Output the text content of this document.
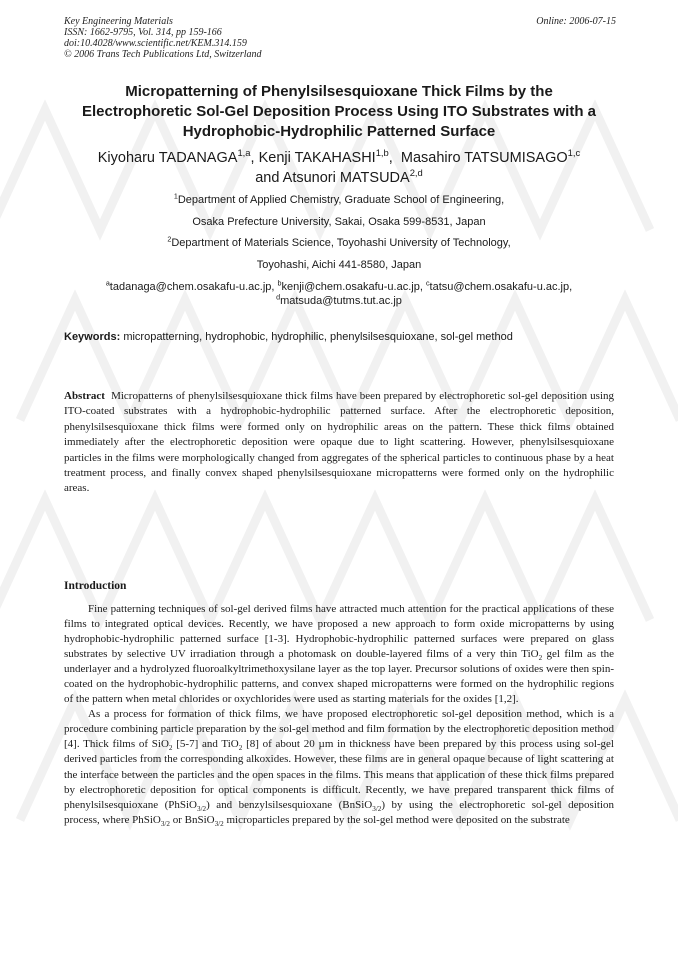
Key Engineering Materials
ISSN: 1662-9795, Vol. 314, pp 159-166
doi:10.4028/www.scientific.net/KEM.314.159
© 2006 Trans Tech Publications Ltd, Switzerland
Online: 2006-07-15
Micropatterning of Phenylsilsesquioxane Thick Films by the
Electrophoretic Sol-Gel Deposition Process Using ITO Substrates with a
Hydrophobic-Hydrophilic Patterned Surface
Kiyoharu TADANAGA$^{1,a}$, Kenji TAKAHASHI$^{1,b}$,  Masahiro TATSUMISAGO$^{1,c}$
and Atsunori MATSUDA$^{2,d}$
$^1$Department of Applied Chemistry, Graduate School of Engineering,
Osaka Prefecture University, Sakai, Osaka 599-8531, Japan
$^2$Department of Materials Science, Toyohashi University of Technology,
Toyohashi, Aichi 441-8580, Japan
$^a$tadanaga@chem.osakafu-u.ac.jp, $^b$kenji@chem.osakafu-u.ac.jp, $^c$tatsu@chem.osakafu-u.ac.jp,
$^d$matsuda@tutms.tut.ac.jp
Keywords: micropatterning, hydrophobic, hydrophilic, phenylsilsesquioxane, sol-gel method
Abstract Micropatterns of phenylsilsesquioxane thick films have been prepared by electrophoretic sol-gel deposition using ITO-coated substrates with a hydrophobic-hydrophilic patterned surface. After the electrophoretic deposition, phenylsilsesquioxane thick films were formed only on hydrophilic areas on the pattern. These thick films obtained immediately after the electrophoretic deposition were opaque due to light scattering. However, phenylsilsesquioxane particles in the films were morphologically changed from aggregates of the spherical particles to continuous phase by a heat treatment process, and finally convex shaped phenylsilsesquioxane micropatterns were formed only on the hydrophilic areas.
Introduction

Fine patterning techniques of sol-gel derived films have attracted much attention for the practical applications of these films to integrated optical devices. Recently, we have proposed a new approach to form oxide micropatterns by using hydrophobic-hydrophilic patterned surface [1-3]. Hydrophobic-hydrophilic patterned surfaces were prepared on glass substrates by selective UV irradiation through a photomask on double-layered films of a very thin TiO$_2$ gel film as the underlayer and a hydrolyzed fluoroalkyltrimethoxysilane layer as the top layer. Precursor solutions of oxides were then spin-coated on the hydrophobic-hydrophilic patterns, and convex shaped micropatterns were formed on the hydrophilic regions of the pattern when metal chlorides or oxychlorides were used as starting materials for the oxides [1,2].

As a process for formation of thick films, we have proposed electrophoretic sol-gel deposition method, which is a procedure combining particle preparation by the sol-gel method and film formation by the electrophoretic deposition method [4]. Thick films of SiO$_2$ [5-7] and TiO$_2$ [8] of about 20 µm in thickness have been prepared by this process using sol-gel derived particles from the corresponding alkoxides. However, these films are in general opaque because of light scattering at the interface between the particles and the open spaces in the films. This means that application of these thick films prepared by electrophoretic deposition for optical components is difficult. Recently, we have prepared transparent thick films of phenylsilsesquioxane (PhSiO$_{3/2}$) and benzylsilsesquioxane (BnSiO$_{3/2}$) by using the electrophoretic sol-gel deposition process, where PhSiO$_{3/2}$ or BnSiO$_{3/2}$ microparticles prepared by the sol-gel method were deposited on the substrate
